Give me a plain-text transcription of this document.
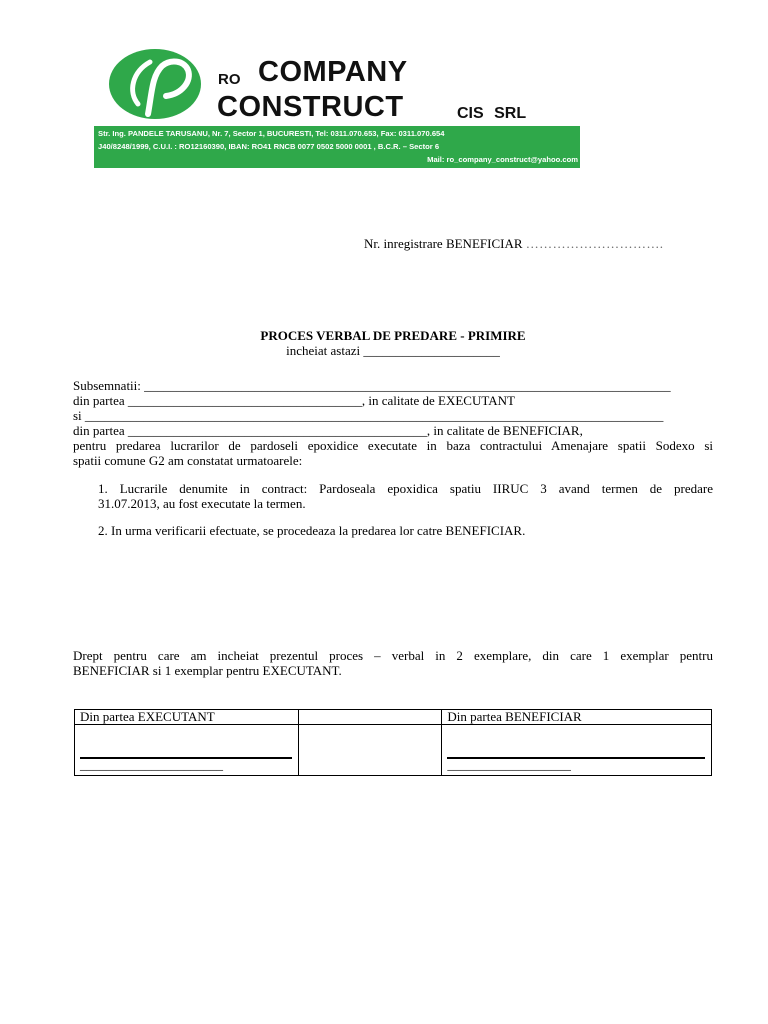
RO COMPANY
CONSTRUCT	CIS SRL
Str. Ing. PANDELE TARUSANU, Nr. 7, Sector 1, BUCURESTI, Tel: 0311.070.653, Fax: 0311.070.654
J40/8248/1999, C.U.I. : RO12160390, IBAN: RO41 RNCB 0077 0502 5000 0001 , B.C.R. – Sector 6
Mail: ro_company_construct@yahoo.com
Nr. inregistrare BENEFICIAR ………………………….
PROCES VERBAL DE PREDARE - PRIMIRE
incheiat astazi _____________________
Subsemnatii: _________________________________________________________________________________
din partea ____________________________________, in calitate de EXECUTANT
si _________________________________________________________________________________________
din partea ______________________________________________, in calitate de BENEFICIAR,
pentru predarea lucrarilor de pardoseli epoxidice executate in baza contractului Amenajare spatii Sodexo si
spatii comune G2 am constatat urmatoarele:
1. Lucrarile denumite in contract: Pardoseala epoxidica spatiu IIRUC 3 avand termen de predare
31.07.2013, au fost executate la termen.
2. In urma verificarii efectuate, se procedeaza la predarea lor catre BENEFICIAR.
Drept pentru care am incheiat prezentul proces – verbal in 2 exemplare, din care 1 exemplar pentru
BENEFICIAR si 1 exemplar pentru EXECUTANT.
Din partea EXECUTANT		Din partea BENEFICIAR

______________________		___________________
